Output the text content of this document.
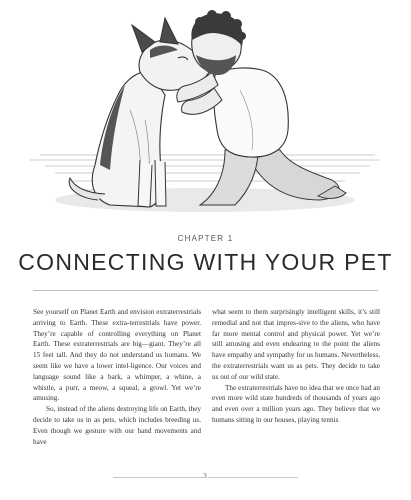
CHAPTER 1
CONNECTING WITH YOUR PET

See yourself on Planet Earth and envision extraterrestrials arriving to Earth. These extra-terrestrials have power. They’re capable of controlling everything on Planet Earth. These extraterrestrials are big—giant. They’re all 15 feet tall. And they do not understand us humans. We seem like we have a lower intel-ligence. Our voices and language sound like a bark, a whimper, a whine, a whistle, a purr, a meow, a squeal, a growl. Yet we’re amusing.

So, instead of the aliens destroying life on Earth, they decide to take us in as pets, which includes breeding us. Even though we gesture with our hand movements and have

what seem to them surprisingly intelligent skills, it’s still remedial and not that impres-sive to the aliens, who have far more mental control and physical power. Yet we’re still amusing and even endearing to the point the aliens have empathy and sympathy for us humans. Nevertheless, the extraterrestrials want us as pets. They decide to take us out of our wild state.

The extraterrestrials have no idea that we once had an even more wild state hundreds of thousands of years ago and even over a million years ago. They believe that we humans sitting in our houses, playing tennis

3
